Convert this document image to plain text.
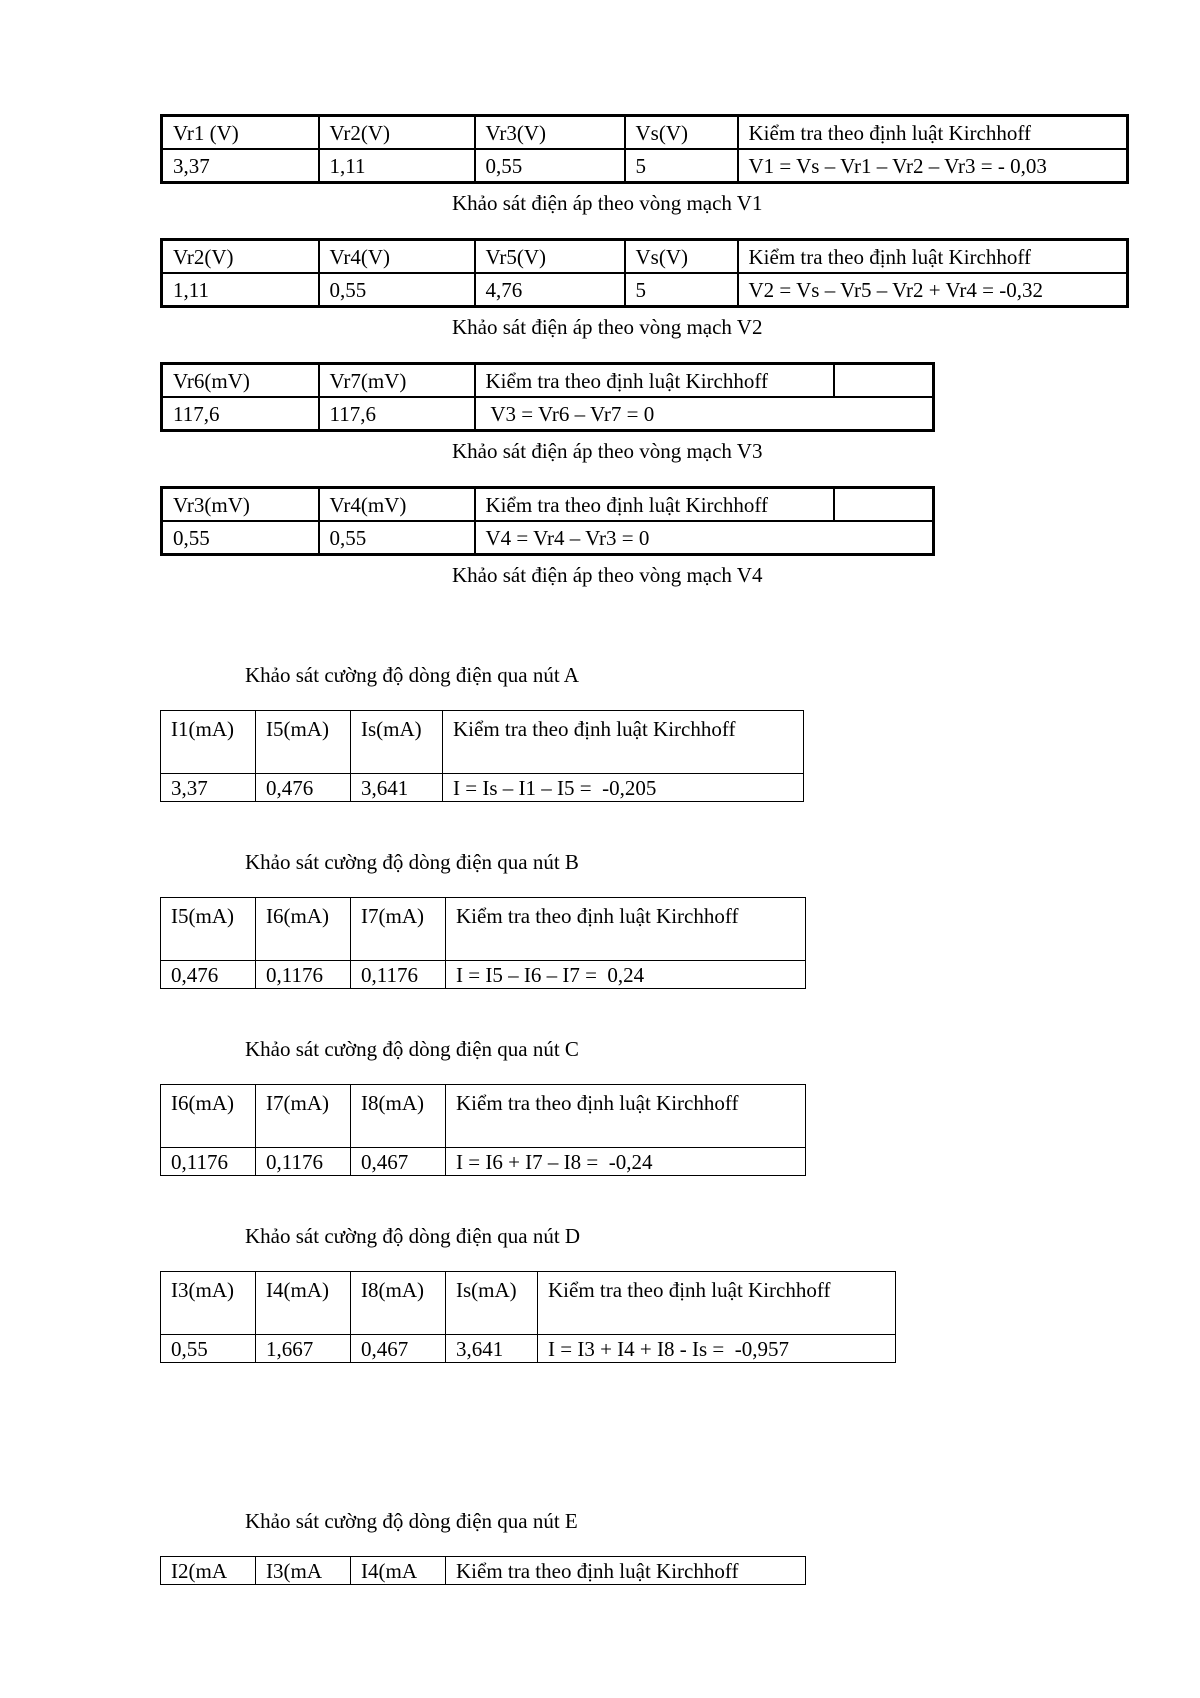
Vr1 (V)	Vr2(V)	Vr3(V)	Vs(V)	Kiểm tra theo định luật Kirchhoff
3,37	1,11	0,55	5	V1 = Vs – Vr1 – Vr2 – Vr3 = - 0,03
Khảo sát điện áp theo vòng mạch V1
Vr2(V)	Vr4(V)	Vr5(V)	Vs(V)	Kiểm tra theo định luật Kirchhoff
1,11	0,55	4,76	5	V2 = Vs – Vr5 – Vr2 + Vr4 = -0,32
Khảo sát điện áp theo vòng mạch V2
Vr6(mV)	Vr7(mV)	Kiểm tra theo định luật Kirchhoff	
117,6	117,6	V3 = Vr6 – Vr7 = 0	
Khảo sát điện áp theo vòng mạch V3
Vr3(mV)	Vr4(mV)	Kiểm tra theo định luật Kirchhoff	
0,55	0,55	V4 = Vr4 – Vr3 = 0	
Khảo sát điện áp theo vòng mạch V4
Khảo sát cường độ dòng điện qua nút A
I1(mA)	I5(mA)	Is(mA)	Kiểm tra theo định luật Kirchhoff
3,37	0,476	3,641	I = Is – I1 – I5 =  -0,205
Khảo sát cường độ dòng điện qua nút B
I5(mA)	I6(mA)	I7(mA)	Kiểm tra theo định luật Kirchhoff
0,476	0,1176	0,1176	I = I5 – I6 – I7 =  0,24
Khảo sát cường độ dòng điện qua nút C
I6(mA)	I7(mA)	I8(mA)	Kiểm tra theo định luật Kirchhoff
0,1176	0,1176	0,467	I = I6 + I7 – I8 =  -0,24
Khảo sát cường độ dòng điện qua nút D
I3(mA)	I4(mA)	I8(mA)	Is(mA)	Kiểm tra theo định luật Kirchhoff
0,55	1,667	0,467	3,641	I = I3 + I4 + I8 - Is =  -0,957
Khảo sát cường độ dòng điện qua nút E
I2(mA	I3(mA	I4(mA	Kiểm tra theo định luật Kirchhoff
